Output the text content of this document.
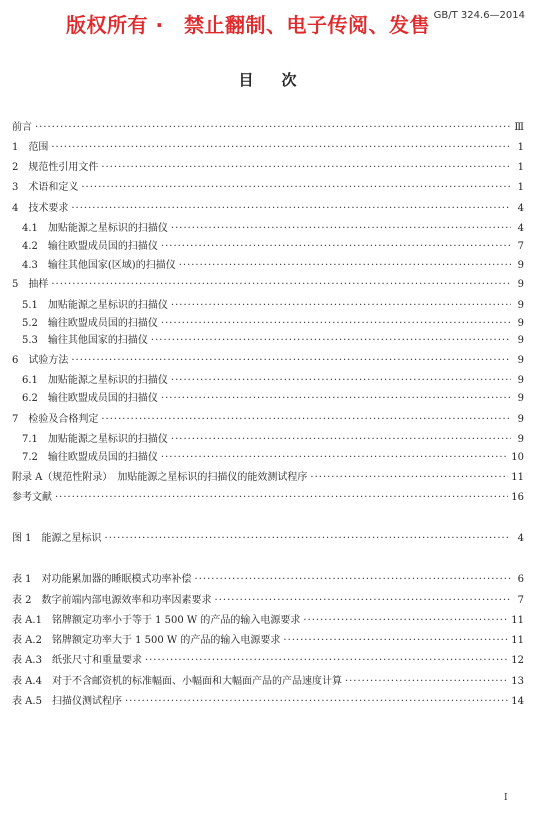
版权所有 ·　禁止翻制、电子传阅、发售 GB/T 324.6—2014
目次
前言 ·····	Ⅲ
1　范围 ·····	1
2　规范性引用文件 ·····	1
3　术语和定义 ·····	1
4　技术要求 ·····	4
4.1　加贴能源之星标识的扫描仪 ·····	4
4.2　输往欧盟成员国的扫描仪 ·····	7
4.3　输往其他国家(区域)的扫描仪 ·····	9
5　抽样 ·····	9
5.1　加贴能源之星标识的扫描仪 ·····	9
5.2　输往欧盟成员国的扫描仪 ·····	9
5.3　输往其他国家的扫描仪 ·····	9
6　试验方法 ·····	9
6.1　加贴能源之星标识的扫描仪 ·····	9
6.2　输往欧盟成员国的扫描仪 ·····	9
7　检验及合格判定 ·····	9
7.1　加贴能源之星标识的扫描仪 ·····	9
7.2　输往欧盟成员国的扫描仪 ·····	10
附录 A（规范性附录）　加贴能源之星标识的扫描仪的能效测试程序 ·····	11
参考文献 ·····	16
图 1　能源之星标识 ·····	4
表 1　对功能累加器的睡眠模式功率补偿 ·····	6
表 2　数字前端内部电源效率和功率因素要求 ·····	7
表 A.1　铭牌额定功率小于等于 1 500 W 的产品的输入电源要求 ·····	11
表 A.2　铭牌额定功率大于 1 500 W 的产品的输入电源要求 ·····	11
表 A.3　纸张尺寸和重量要求 ·····	12
表 A.4　对于不含邮资机的标准幅面、小幅面和大幅面产品的产品速度计算 ·····	13
表 A.5　扫描仪测试程序 ·····	14
I
